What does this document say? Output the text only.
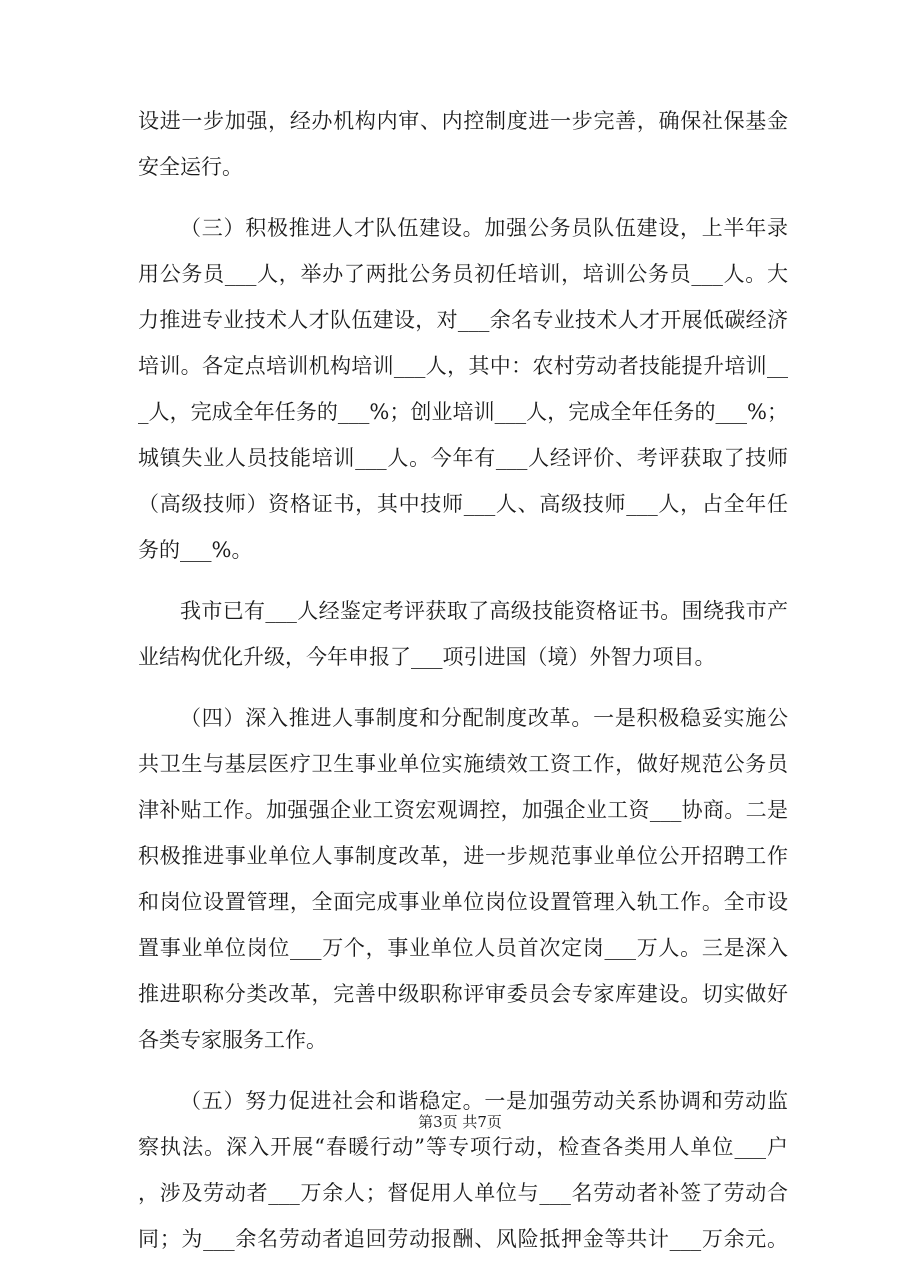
设进一步加强，经办机构内审、内控制度进一步完善，确保社保基金
安全运行。
（三）积极推进人才队伍建设。加强公务员队伍建设，上半年录
用公务员___人，举办了两批公务员初任培训，培训公务员___人。大
力推进专业技术人才队伍建设，对___余名专业技术人才开展低碳经济
培训。各定点培训机构培训___人，其中：农村劳动者技能提升培训__
_人，完成全年任务的___%；创业培训___人，完成全年任务的___%；
城镇失业人员技能培训___人。今年有___人经评价、考评获取了技师
（高级技师）资格证书，其中技师___人、高级技师___人，占全年任
务的___%。
我市已有___人经鉴定考评获取了高级技能资格证书。围绕我市产
业结构优化升级，今年申报了___项引进国（境）外智力项目。
（四）深入推进人事制度和分配制度改革。一是积极稳妥实施公
共卫生与基层医疗卫生事业单位实施绩效工资工作，做好规范公务员
津补贴工作。加强强企业工资宏观调控，加强企业工资___协商。二是
积极推进事业单位人事制度改革，进一步规范事业单位公开招聘工作
和岗位设置管理，全面完成事业单位岗位设置管理入轨工作。全市设
置事业单位岗位___万个，事业单位人员首次定岗___万人。三是深入
推进职称分类改革，完善中级职称评审委员会专家库建设。切实做好
各类专家服务工作。
（五）努力促进社会和谐稳定。一是加强劳动关系协调和劳动监
察执法。深入开展“春暖行动”等专项行动，检查各类用人单位___户
，涉及劳动者___万余人；督促用人单位与___名劳动者补签了劳动合
同；为___余名劳动者追回劳动报酬、风险抵押金等共计___万余元。
第3页 共7页
